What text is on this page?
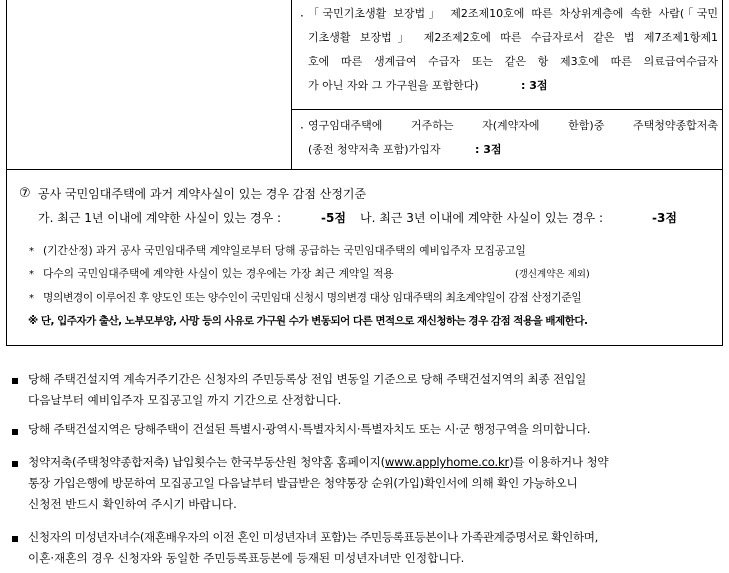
· 「국민기초생활 보장법」 제2조제10호에 따른 차상위계층에 속한 사람(「국민
기초생활 보장법」 제2조제2호에 따른 수급자로서 같은 법 제7조제1항제1
호에 따른 생계급여 수급자 또는 같은 항 제3호에 따른 의료급여수급자
가 아닌 자와 그 가구원을 포함한다)	: 3점
· 영구임대주택에 거주하는 자(계약자에 한함)중 주택청약종합저축
(종전 청약저축 포함)가입자	: 3점
⑦ 공사 국민임대주택에 과거 계약사실이 있는 경우 감점 산정기준
가. 최근 1년 이내에 계약한 사실이 있는 경우 :	-5점 나. 최근 3년 이내에 계약한 사실이 있는 경우 :	-3점
* (기간산정) 과거 공사 국민임대주택 계약일로부터 당해 공급하는 국민임대주택의 예비입주자 모집공고일
* 다수의 국민임대주택에 계약한 사실이 있는 경우에는 가장 최근 계약일 적용	(갱신계약은 제외)
* 명의변경이 이루어진 후 양도인 또는 양수인이 국민임대 신청시 명의변경 대상 임대주택의 최초계약일이 감점 산정기준일
※ 단, 입주자가 출산, 노부모부양, 사망 등의 사유로 가구원 수가 변동되어 다른 면적으로 재신청하는 경우 감점 적용을 배제한다.
당해 주택건설지역 계속거주기간은 신청자의 주민등록상 전입 변동일 기준으로 당해 주택건설지역의 최종 전입일
다음날부터 예비입주자 모집공고일 까지 기간으로 산정합니다.
당해 주택건설지역은 당해주택이 건설된 특별시·광역시·특별자치시·특별자치도 또는 시·군 행정구역을 의미합니다.
청약저축(주택청약종합저축) 납입횟수는 한국부동산원 청약홈 홈페이지(www.applyhome.co.kr)를 이용하거나 청약
통장 가입은행에 방문하여 모집공고일 다음날부터 발급받은 청약통장 순위(가입)확인서에 의해 확인 가능하오니
신청전 반드시 확인하여 주시기 바랍니다.
신청자의 미성년자녀수(재혼배우자의 이전 혼인 미성년자녀 포함)는 주민등록표등본이나 가족관계증명서로 확인하며,
이혼·재혼의 경우 신청자와 동일한 주민등록표등본에 등재된 미성년자녀만 인정합니다.
